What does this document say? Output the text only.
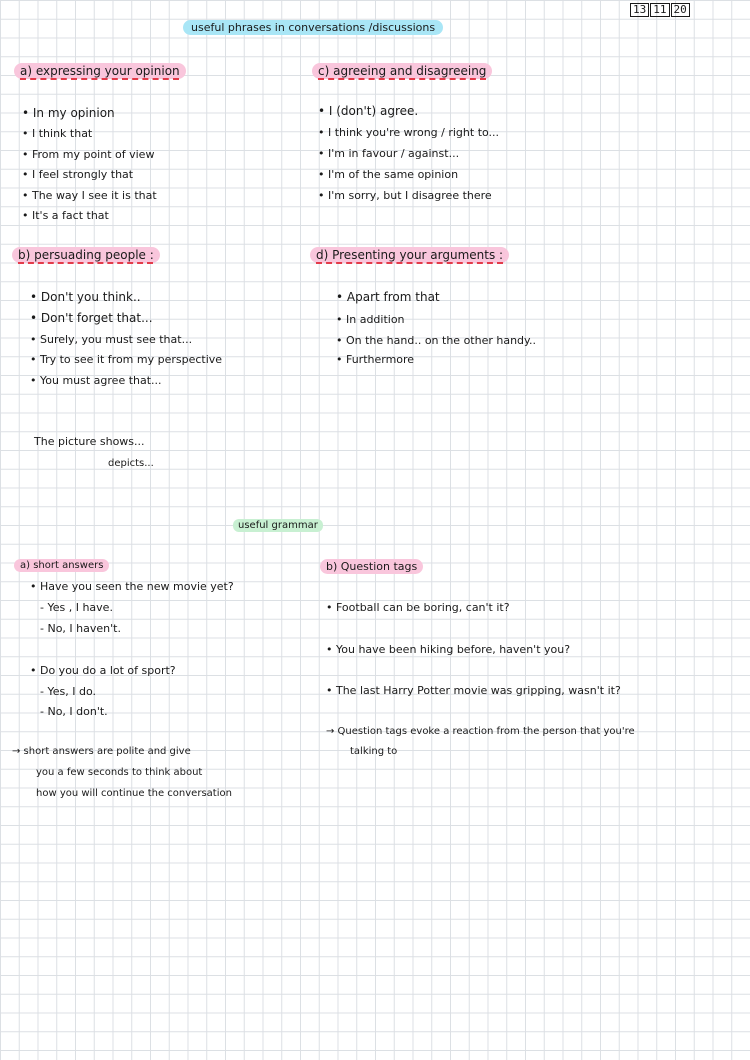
13 11 20
useful phrases in conversations /discussions
a) expressing your opinion
• In my opinion
• I think that
• From my point of view
• I feel strongly that
• The way I see it is that
• It's a fact that
b) persuading people :
• Don't you think..
• Don't forget that...
• Surely, you must see that...
• Try to see it from my perspective
• You must agree that...
The picture shows...
depicts...
c) agreeing and disagreeing
• I (don't) agree.
• I think you're wrong / right to...
• I'm in favour / against...
• I'm of the same opinion
• I'm sorry, but I disagree there
d) Presenting your arguments :
• Apart from that
• In addition
• On the hand.. on the other handy..
• Furthermore
useful grammar
a) short answers
• Have you seen the new movie yet?
- Yes , I have.
- No, I haven't.
• Do you do a lot of sport?
- Yes, I do.
- No, I don't.
→ short answers are polite and give
you a few seconds to think about
how you will continue the conversation
b) Question tags
• Football can be boring, can't it?
• You have been hiking before, haven't you?
• The last Harry Potter movie was gripping, wasn't it?
→ Question tags evoke a reaction from the person that you're
talking to
